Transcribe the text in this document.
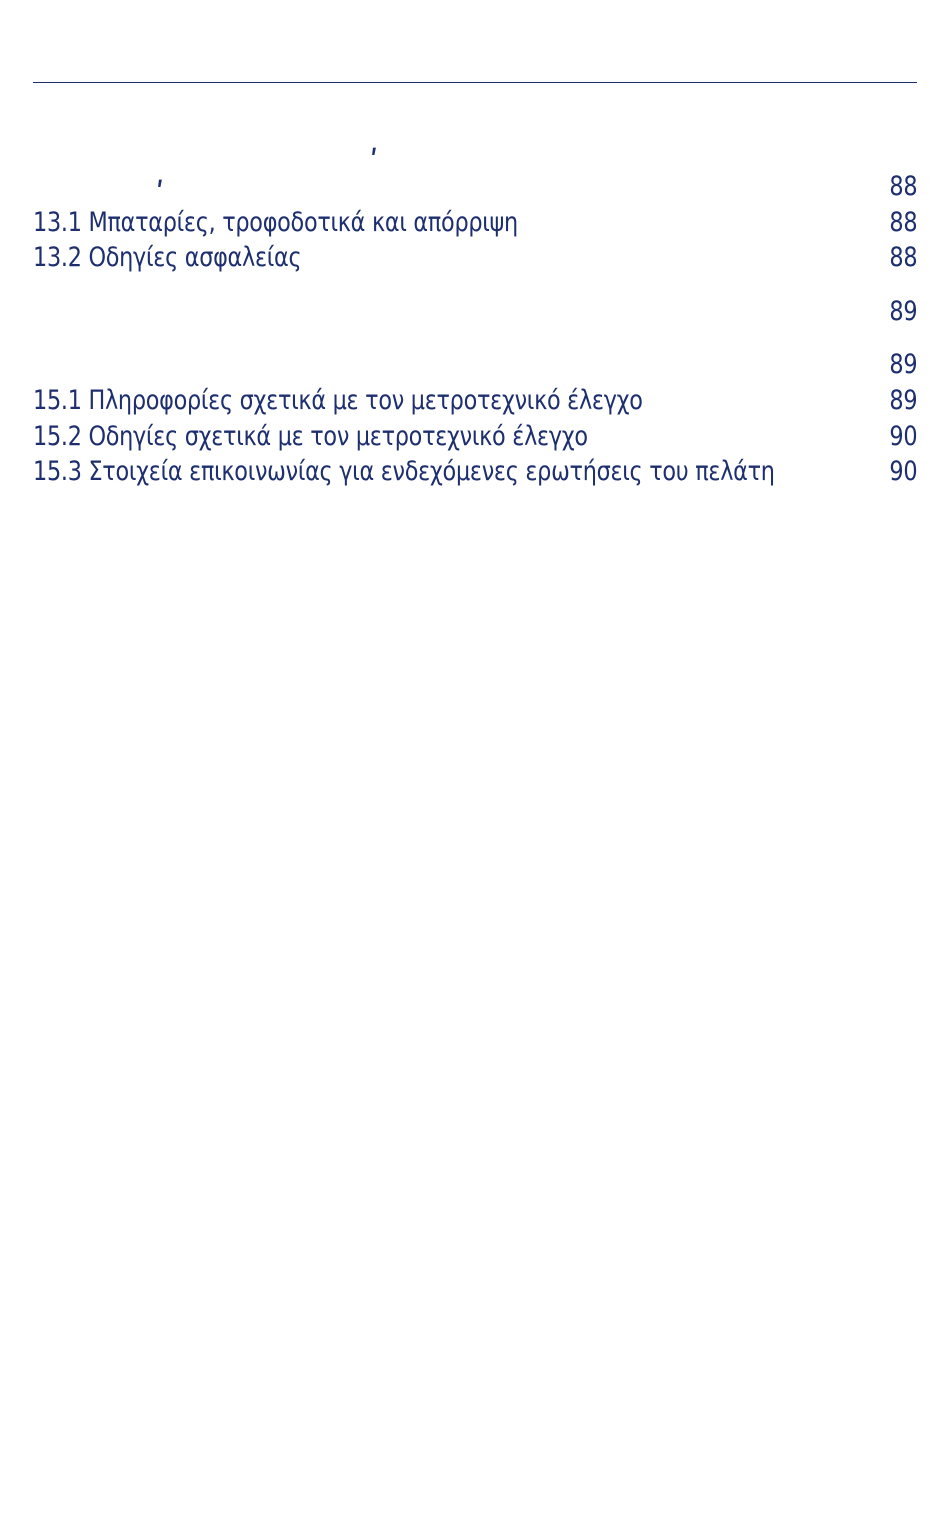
ʹ
ʹ	88
13.1 Μπαταρίες, τροφοδοτικά και απόρριψη	88
13.2 Οδηγίες ασφαλείας	88
89
89
15.1 Πληροφορίες σχετικά με τον μετροτεχνικό έλεγχο	89
15.2 Οδηγίες σχετικά με τον μετροτεχνικό έλεγχο	90
15.3 Στοιχεία επικοινωνίας για ενδεχόμενες ερωτήσεις του πελάτη	90
